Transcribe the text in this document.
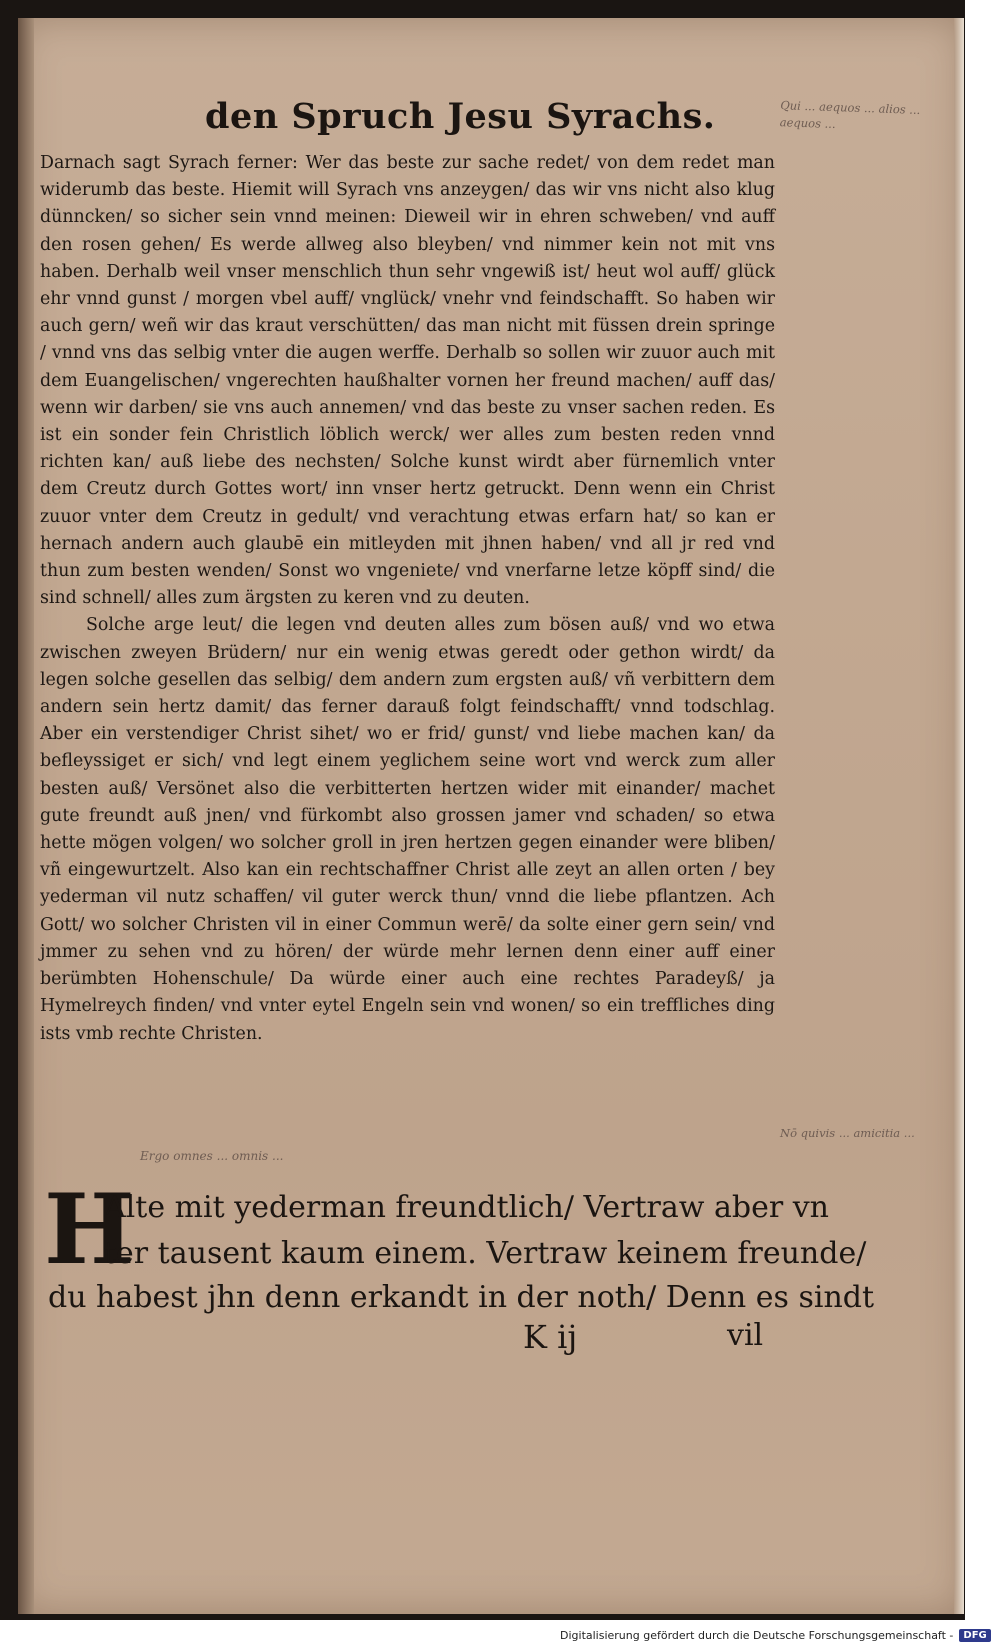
den Spruch Jesu Syrachs.	Qui ... aequos ... alios ... aequos ...

Darnach sagt Syrach ferner: Wer das beste zur sache redet/ von dem redet man widerumb das beste. Hiemit will Syrach vns anzeygen/ das wir vns nicht also klug dünncken/ so sicher sein vnnd meinen: Dieweil wir in ehren schweben/ vnd auff den rosen gehen/ Es werde allweg also bleyben/ vnd nimmer kein not mit vns haben. Derhalb weil vnser menschlich thun sehr vngewiß ist/ heut wol auff/ glück ehr vnnd gunst / morgen vbel auff/ vnglück/ vnehr vnd feindschafft. So haben wir auch gern/ weñ wir das kraut verschütten/ das man nicht mit füssen drein springe / vnnd vns das selbig vnter die augen werffe. Derhalb so sollen wir zuuor auch mit dem Euangelischen/ vngerechten haußhalter vornen her freund machen/ auff das/ wenn wir darben/ sie vns auch annemen/ vnd das beste zu vnser sachen reden. Es ist ein sonder fein Christlich löblich werck/ wer alles zum besten reden vnnd richten kan/ auß liebe des nechsten/ Solche kunst wirdt aber fürnemlich vnter dem Creutz durch Gottes wort/ inn vnser hertz getruckt. Denn wenn ein Christ zuuor vnter dem Creutz in gedult/ vnd verachtung etwas erfarn hat/ so kan er hernach andern auch glaubē ein mitleyden mit jhnen haben/ vnd all jr red vnd thun zum besten wenden/ Sonst wo vngeniete/ vnd vnerfarne letze köpff sind/ die sind schnell/ alles zum ärgsten zu keren vnd zu deuten.

Solche arge leut/ die legen vnd deuten alles zum bösen auß/ vnd wo etwa zwischen zweyen Brüdern/ nur ein wenig etwas geredt oder gethon wirdt/ da legen solche gesellen das selbig/ dem andern zum ergsten auß/ vñ verbittern dem andern sein hertz damit/ das ferner darauß folgt feindschafft/ vnnd todschlag. Aber ein verstendiger Christ sihet/ wo er frid/ gunst/ vnd liebe machen kan/ da befleyssiget er sich/ vnd legt einem yeglichem seine wort vnd werck zum aller besten auß/ Versönet also die verbitterten hertzen wider mit einander/ machet gute freundt auß jnen/ vnd fürkombt also grossen jamer vnd schaden/ so etwa hette mögen volgen/ wo solcher groll in jren hertzen gegen einander were bliben/ vñ eingewurtzelt. Also kan ein rechtschaffner Christ alle zeyt an allen orten / bey yederman vil nutz schaffen/ vil guter werck thun/ vnnd die liebe pflantzen. Ach Gott/ wo solcher Christen vil in einer Commun werē/ da solte einer gern sein/ vnd jmmer zu sehen vnd zu hören/ der würde mehr lernen denn einer auff einer berümbten Hohenschule/ Da würde einer auch eine rechtes Paradeyß/ ja Hymelreych finden/ vnd vnter eytel Engeln sein vnd wonen/ so ein treffliches ding ists vmb rechte Christen.

Nō quivis ... amicitia ...
Ergo omnes ... omnis ...
H
Alte mit yederman freundtlich/ Vertraw aber vn
ter tausent kaum einem. Vertraw keinem freunde/
du habest jhn denn erkandt in der noth/ Denn es sindt
K ij	vil
Digitalisierung gefördert durch die Deutsche Forschungsgemeinschaft -	DFG
